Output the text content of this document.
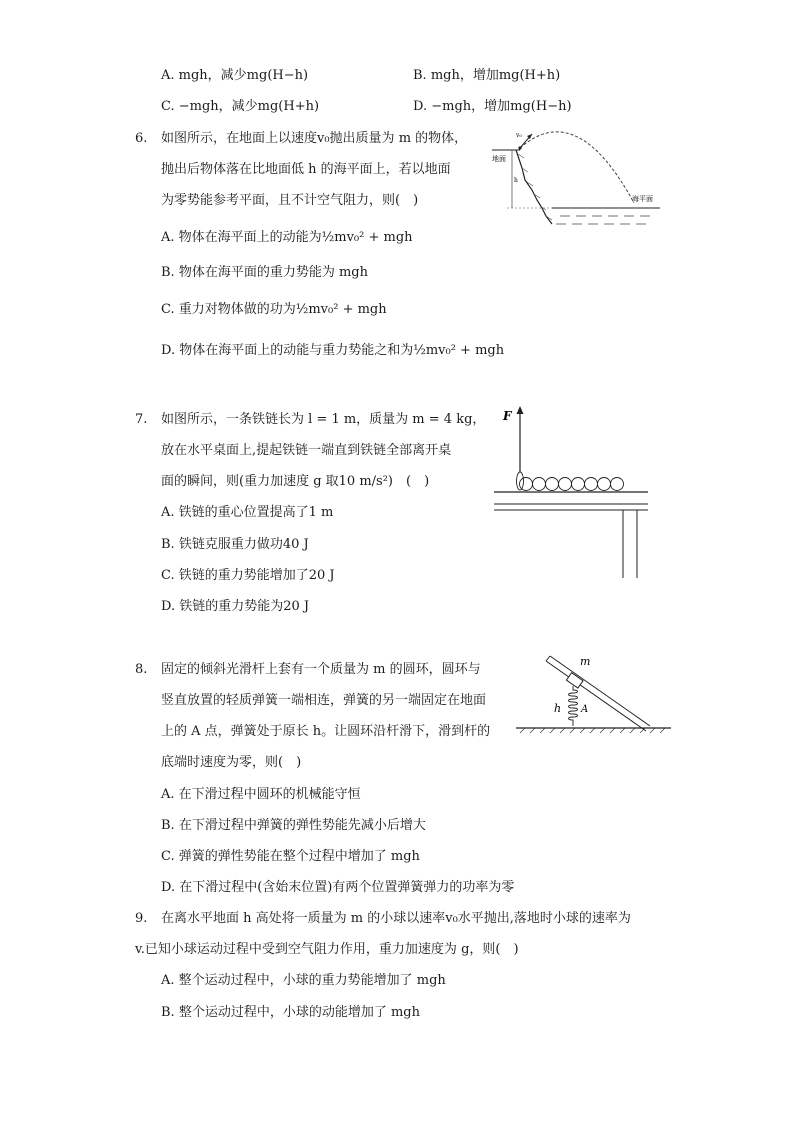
A. mgh，减少mg(H−h)	B. mgh，增加mg(H+h)
C. −mgh，减少mg(H+h)	D. −mgh，增加mg(H−h)
6. 如图所示，在地面上以速度v₀抛出质量为 m 的物体，
抛出后物体落在比地面低 h 的海平面上，若以地面
为零势能参考平面，且不计空气阻力，则(　)
A. 物体在海平面上的动能为½mv₀² + mgh
B. 物体在海平面的重力势能为 mgh
C. 重力对物体做的功为½mv₀² + mgh
D. 物体在海平面上的动能与重力势能之和为½mv₀² + mgh
v₀
地面
h
海平面
7. 如图所示，一条铁链长为 l = 1 m，质量为 m = 4 kg，
放在水平桌面上,提起铁链一端直到铁链全部离开桌
面的瞬间，则(重力加速度 g 取10 m/s²)　(　)
A. 铁链的重心位置提高了1 m
B. 铁链克服重力做功40 J
C. 铁链的重力势能增加了20 J
D. 铁链的重力势能为20 J
F
8. 固定的倾斜光滑杆上套有一个质量为 m 的圆环，圆环与
竖直放置的轻质弹簧一端相连，弹簧的另一端固定在地面
上的 A 点，弹簧处于原长 h。让圆环沿杆滑下，滑到杆的
底端时速度为零，则(　)
A. 在下滑过程中圆环的机械能守恒
B. 在下滑过程中弹簧的弹性势能先减小后增大
C. 弹簧的弹性势能在整个过程中增加了 mgh
D. 在下滑过程中(含始末位置)有两个位置弹簧弹力的功率为零
m
h A
9. 在离水平地面 h 高处将一质量为 m 的小球以速率v₀水平抛出,落地时小球的速率为
v.已知小球运动过程中受到空气阻力作用，重力加速度为 g，则(　)
A. 整个运动过程中，小球的重力势能增加了 mgh
B. 整个运动过程中，小球的动能增加了 mgh
